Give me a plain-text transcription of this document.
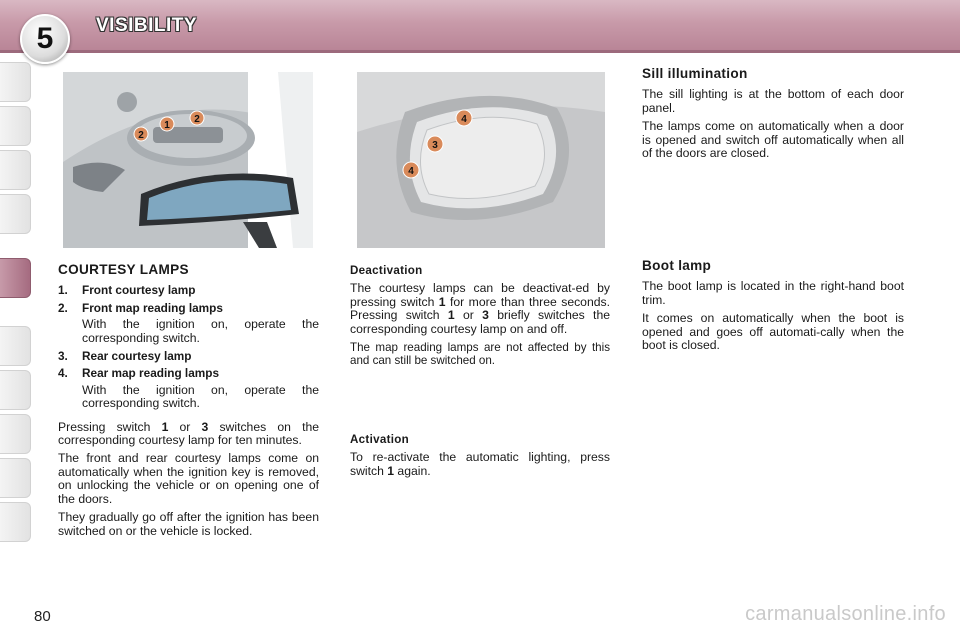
5	VISIBILITY
2
1
2	4
3
4
COURTESY LAMPS
1. Front courtesy lamp
2. Front map reading lamps
With the ignition on, operate the corresponding switch.
3. Rear courtesy lamp
4. Rear map reading lamps
With the ignition on, operate the corresponding switch.

Pressing switch 1 or 3 switches on the corresponding courtesy lamp for ten minutes.

The front and rear courtesy lamps come on automatically when the ignition key is removed, on unlocking the vehicle or on opening one of the doors.

They gradually go off after the ignition has been switched on or the vehicle is locked.

Deactivation

The courtesy lamps can be deactivat-ed by pressing switch 1 for more than three seconds. Pressing switch 1 or 3 briefly switches the corresponding courtesy lamp on and off.

The map reading lamps are not affected by this and can still be switched on.

Activation

To re-activate the automatic lighting, press switch 1 again.

Sill illumination

The sill lighting is at the bottom of each door panel.

The lamps come on automatically when a door is opened and switch off automatically when all of the doors are closed.

Boot lamp

The boot lamp is located in the right-hand boot trim.

It comes on automatically when the boot is opened and goes off automati-cally when the boot is closed.

80	carmanualsonline.info
